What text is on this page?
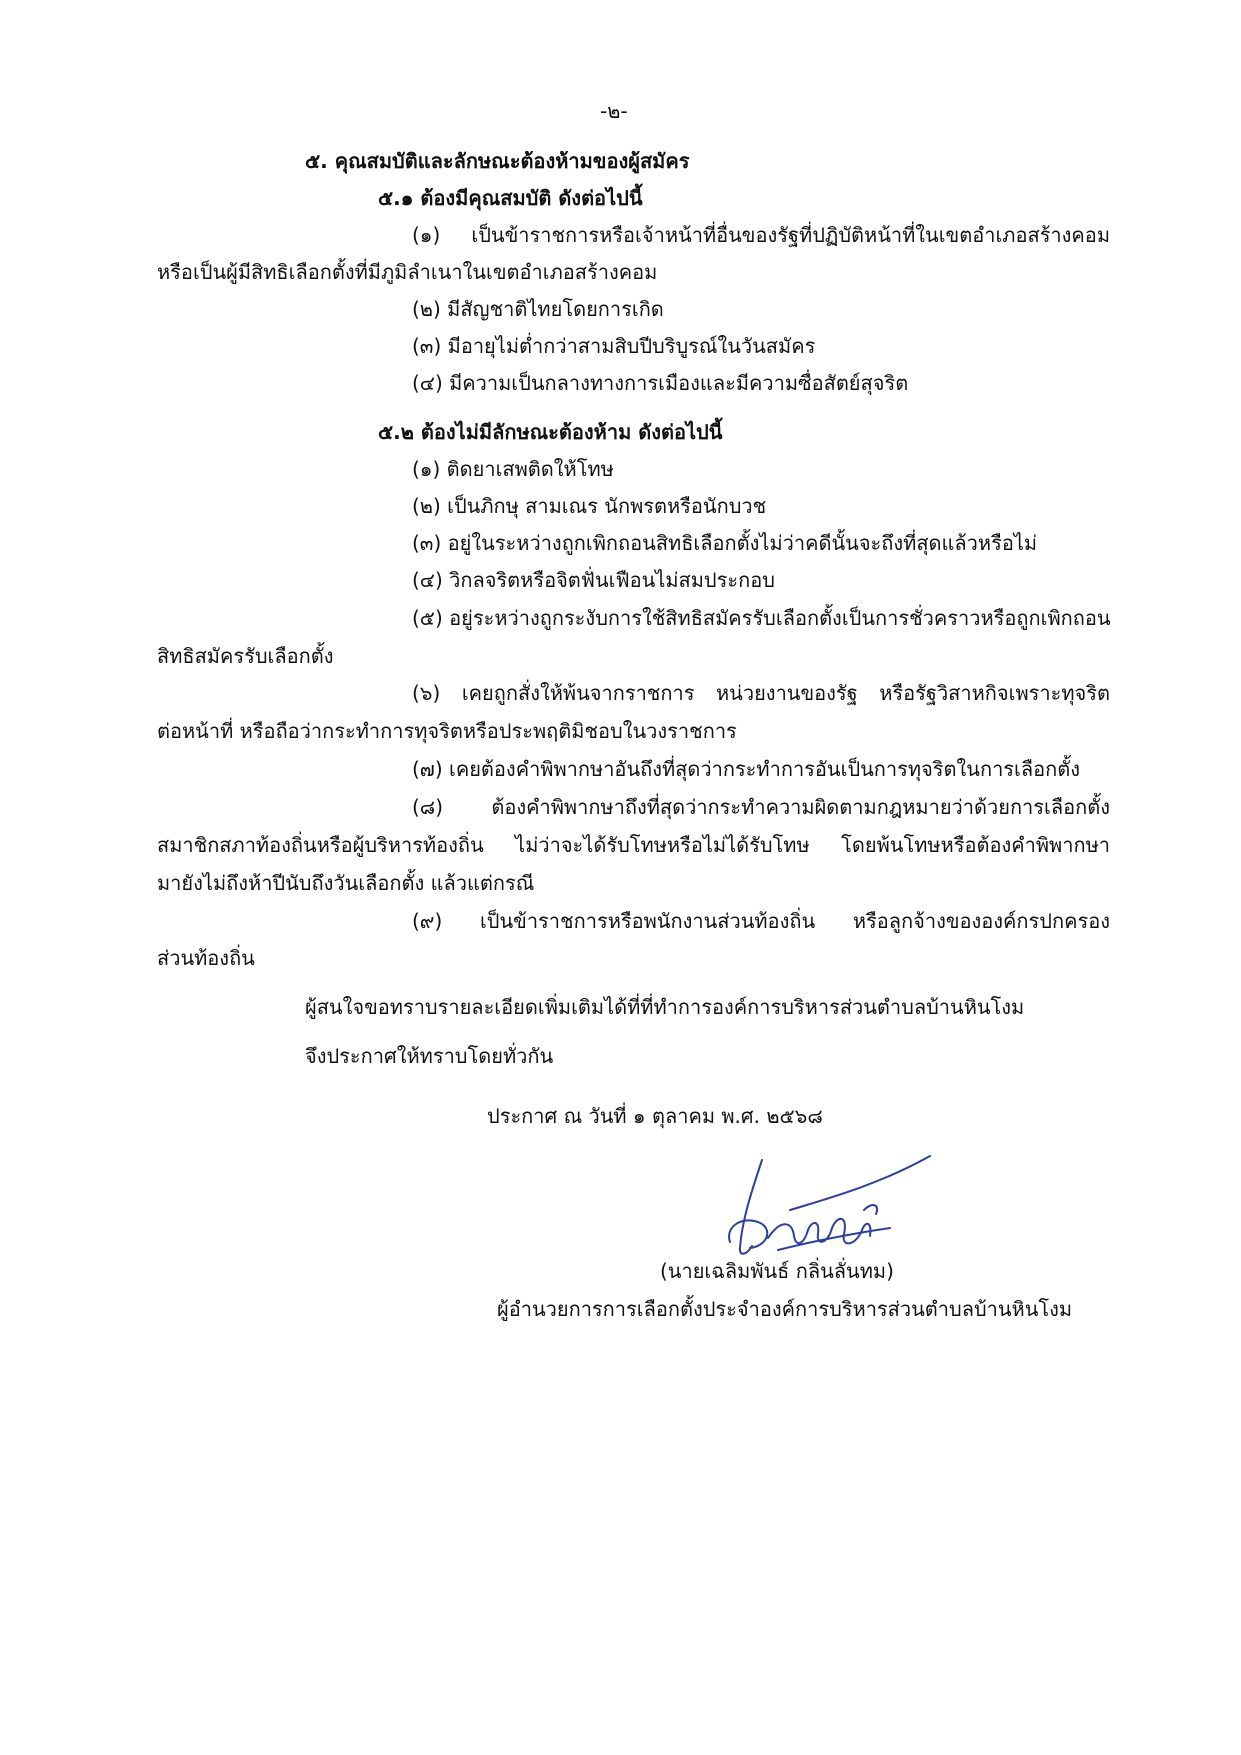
-๒-
๕. คุณสมบัติและลักษณะต้องห้ามของผู้สมัคร
๕.๑ ต้องมีคุณสมบัติ ดังต่อไปนี้
(๑) เป็นข้าราชการหรือเจ้าหน้าที่อื่นของรัฐที่ปฏิบัติหน้าที่ในเขตอำเภอสร้างคอม
หรือเป็นผู้มีสิทธิเลือกตั้งที่มีภูมิลำเนาในเขตอำเภอสร้างคอม
(๒) มีสัญชาติไทยโดยการเกิด
(๓) มีอายุไม่ต่ำกว่าสามสิบปีบริบูรณ์ในวันสมัคร
(๔) มีความเป็นกลางทางการเมืองและมีความซื่อสัตย์สุจริต
๕.๒ ต้องไม่มีลักษณะต้องห้าม ดังต่อไปนี้
(๑) ติดยาเสพติดให้โทษ
(๒) เป็นภิกษุ สามเณร นักพรตหรือนักบวช
(๓) อยู่ในระหว่างถูกเพิกถอนสิทธิเลือกตั้งไม่ว่าคดีนั้นจะถึงที่สุดแล้วหรือไม่
(๔) วิกลจริตหรือจิตฟั่นเฟือนไม่สมประกอบ
(๕) อยู่ระหว่างถูกระงับการใช้สิทธิสมัครรับเลือกตั้งเป็นการชั่วคราวหรือถูกเพิกถอน
สิทธิสมัครรับเลือกตั้ง
(๖) เคยถูกสั่งให้พ้นจากราชการ หน่วยงานของรัฐ หรือรัฐวิสาหกิจเพราะทุจริต
ต่อหน้าที่ หรือถือว่ากระทำการทุจริตหรือประพฤติมิชอบในวงราชการ
(๗) เคยต้องคำพิพากษาอันถึงที่สุดว่ากระทำการอันเป็นการทุจริตในการเลือกตั้ง
(๘) ต้องคำพิพากษาถึงที่สุดว่ากระทำความผิดตามกฎหมายว่าด้วยการเลือกตั้ง
สมาชิกสภาท้องถิ่นหรือผู้บริหารท้องถิ่น ไม่ว่าจะได้รับโทษหรือไม่ได้รับโทษ โดยพ้นโทษหรือต้องคำพิพากษา
มายังไม่ถึงห้าปีนับถึงวันเลือกตั้ง แล้วแต่กรณี
(๙) เป็นข้าราชการหรือพนักงานส่วนท้องถิ่น หรือลูกจ้างขององค์กรปกครอง
ส่วนท้องถิ่น
ผู้สนใจขอทราบรายละเอียดเพิ่มเติมได้ที่ที่ทำการองค์การบริหารส่วนตำบลบ้านหินโงม
จึงประกาศให้ทราบโดยทั่วกัน
ประกาศ ณ วันที่ ๑ ตุลาคม พ.ศ. ๒๕๖๘
(นายเฉลิมพันธ์ กลิ่นลั่นทม)
ผู้อำนวยการการเลือกตั้งประจำองค์การบริหารส่วนตำบลบ้านหินโงม
